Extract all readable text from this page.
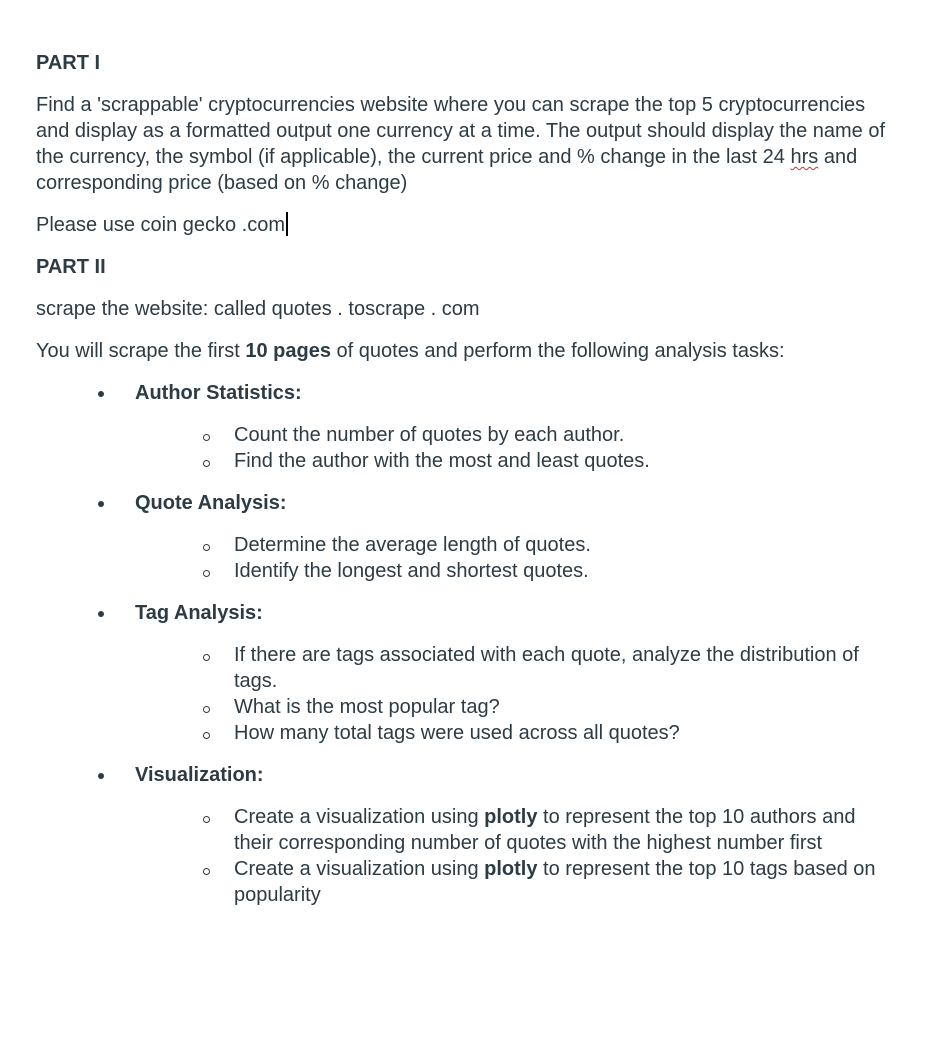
PART I

Find a 'scrappable' cryptocurrencies website where you can scrape the top 5 cryptocurrencies and display as a formatted output one currency at a time. The output should display the name of the currency, the symbol (if applicable), the current price and % change in the last 24 hrs and corresponding price (based on % change)

Please use coin gecko .com

PART II

scrape the website: called quotes . toscrape . com

You will scrape the first 10 pages of quotes and perform the following analysis tasks:

Author Statistics:
Count the number of quotes by each author.
Find the author with the most and least quotes.
Quote Analysis:
Determine the average length of quotes.
Identify the longest and shortest quotes.
Tag Analysis:
If there are tags associated with each quote, analyze the distribution of tags.
What is the most popular tag?
How many total tags were used across all quotes?
Visualization:
Create a visualization using plotly to represent the top 10 authors and their corresponding number of quotes with the highest number first
Create a visualization using plotly to represent the top 10 tags based on popularity
